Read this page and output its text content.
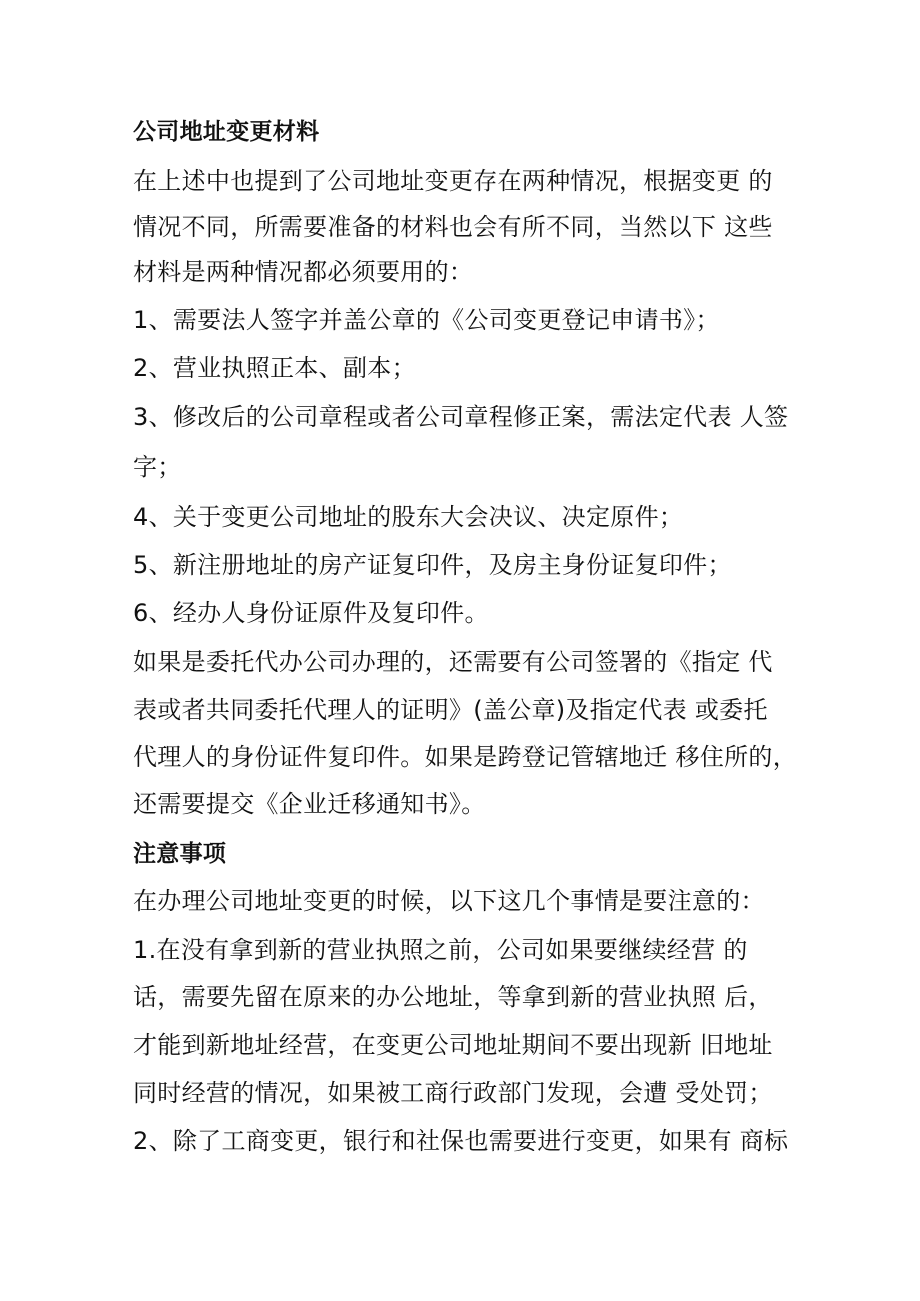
公司地址变更材料
在上述中也提到了公司地址变更存在两种情况，根据变更 的
情况不同，所需要准备的材料也会有所不同，当然以下 这些
材料是两种情况都必须要用的：
1、需要法人签字并盖公章的《公司变更登记申请书》；
2、营业执照正本、副本；
3、修改后的公司章程或者公司章程修正案，需法定代表 人签
字；
4、关于变更公司地址的股东大会决议、决定原件；
5、新注册地址的房产证复印件，及房主身份证复印件；
6、经办人身份证原件及复印件。
如果是委托代办公司办理的，还需要有公司签署的《指定 代
表或者共同委托代理人的证明》(盖公章)及指定代表 或委托
代理人的身份证件复印件。如果是跨登记管辖地迁 移住所的，
还需要提交《企业迁移通知书》。
注意事项
在办理公司地址变更的时候，以下这几个事情是要注意的：
1.在没有拿到新的营业执照之前，公司如果要继续经营 的
话，需要先留在原来的办公地址，等拿到新的营业执照 后，
才能到新地址经营，在变更公司地址期间不要出现新 旧地址
同时经营的情况，如果被工商行政部门发现，会遭 受处罚；
2、除了工商变更，银行和社保也需要进行变更，如果有 商标
